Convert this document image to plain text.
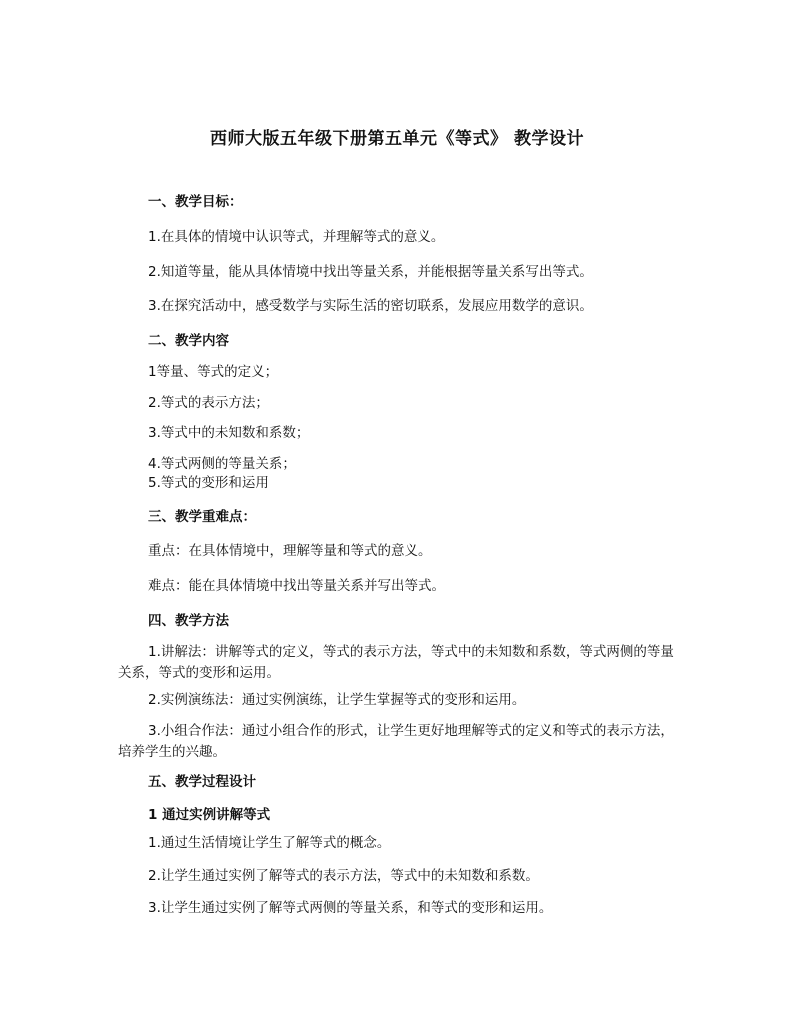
西师大版五年级下册第五单元《等式》 教学设计
一、教学目标：
1.在具体的情境中认识等式，并理解等式的意义。
2.知道等量，能从具体情境中找出等量关系，并能根据等量关系写出等式。
3.在探究活动中，感受数学与实际生活的密切联系，发展应用数学的意识。
二、教学内容
1等量、等式的定义；
2.等式的表示方法；
3.等式中的未知数和系数；
4.等式两侧的等量关系；
5.等式的变形和运用
三、教学重难点：
重点：在具体情境中，理解等量和等式的意义。
难点：能在具体情境中找出等量关系并写出等式。
四、教学方法
1.讲解法：讲解等式的定义，等式的表示方法，等式中的未知数和系数，等式两侧的等量关系，等式的变形和运用。
2.实例演练法：通过实例演练，让学生掌握等式的变形和运用。
3.小组合作法：通过小组合作的形式，让学生更好地理解等式的定义和等式的表示方法，培养学生的兴趣。
五、教学过程设计
1 通过实例讲解等式
1.通过生活情境让学生了解等式的概念。
2.让学生通过实例了解等式的表示方法，等式中的未知数和系数。
3.让学生通过实例了解等式两侧的等量关系，和等式的变形和运用。
